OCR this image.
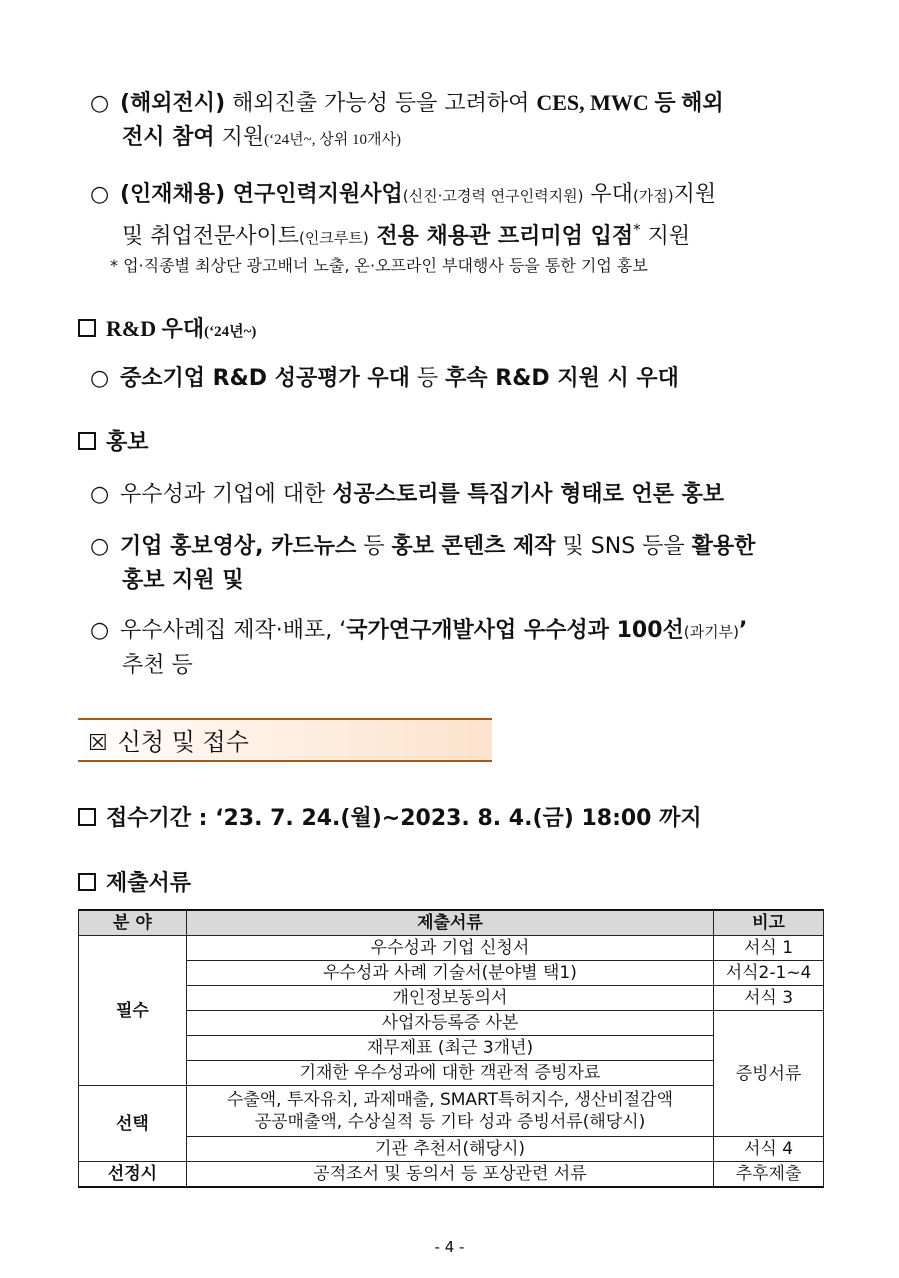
○ (해외전시) 해외진출 가능성 등을 고려하여 CES, MWC 등 해외
전시 참여 지원(‘24년~, 상위 10개사)
○ (인재채용) 연구인력지원사업(신진·고경력 연구인력지원) 우대(가점)지원
및 취업전문사이트(인크루트) 전용 채용관 프리미엄 입점* 지원
* 업·직종별 최상단 광고배너 노출, 온·오프라인 부대행사 등을 통한 기업 홍보
R&D 우대(‘24년~)
○ 중소기업 R&D 성공평가 우대 등 후속 R&D 지원 시 우대
홍보
○ 우수성과 기업에 대한 성공스토리를 특집기사 형태로 언론 홍보
○ 기업 홍보영상, 카드뉴스 등 홍보 콘텐츠 제작 및 SNS 등을 활용한
홍보 지원 및
○ 우수사례집 제작·배포, ‘국가연구개발사업 우수성과 100선(과기부)’
추천 등
☒ 신청 및 접수
접수기간 : ‘23. 7. 24.(월)~2023. 8. 4.(금) 18:00 까지
제출서류
분 야	제출서류	비고
필수	우수성과 기업 신청서	서식 1
	우수성과 사례 기술서(분야별 택1)	서식2-1~4
	개인정보동의서	서식 3
	사업자등록증 사본	증빙서류
	재무제표 (최근 3개년)	
	기재한 우수성과에 대한 객관적 증빙자료	
선택	수출액, 투자유치, 과제매출, SMART특허지수, 생산비절감액
공공매출액, 수상실적 등 기타 성과 증빙서류(해당시)	
	기관 추천서(해당시)	서식 4
선정시	공적조서 및 동의서 등 포상관련 서류	추후제출
- 4 -
